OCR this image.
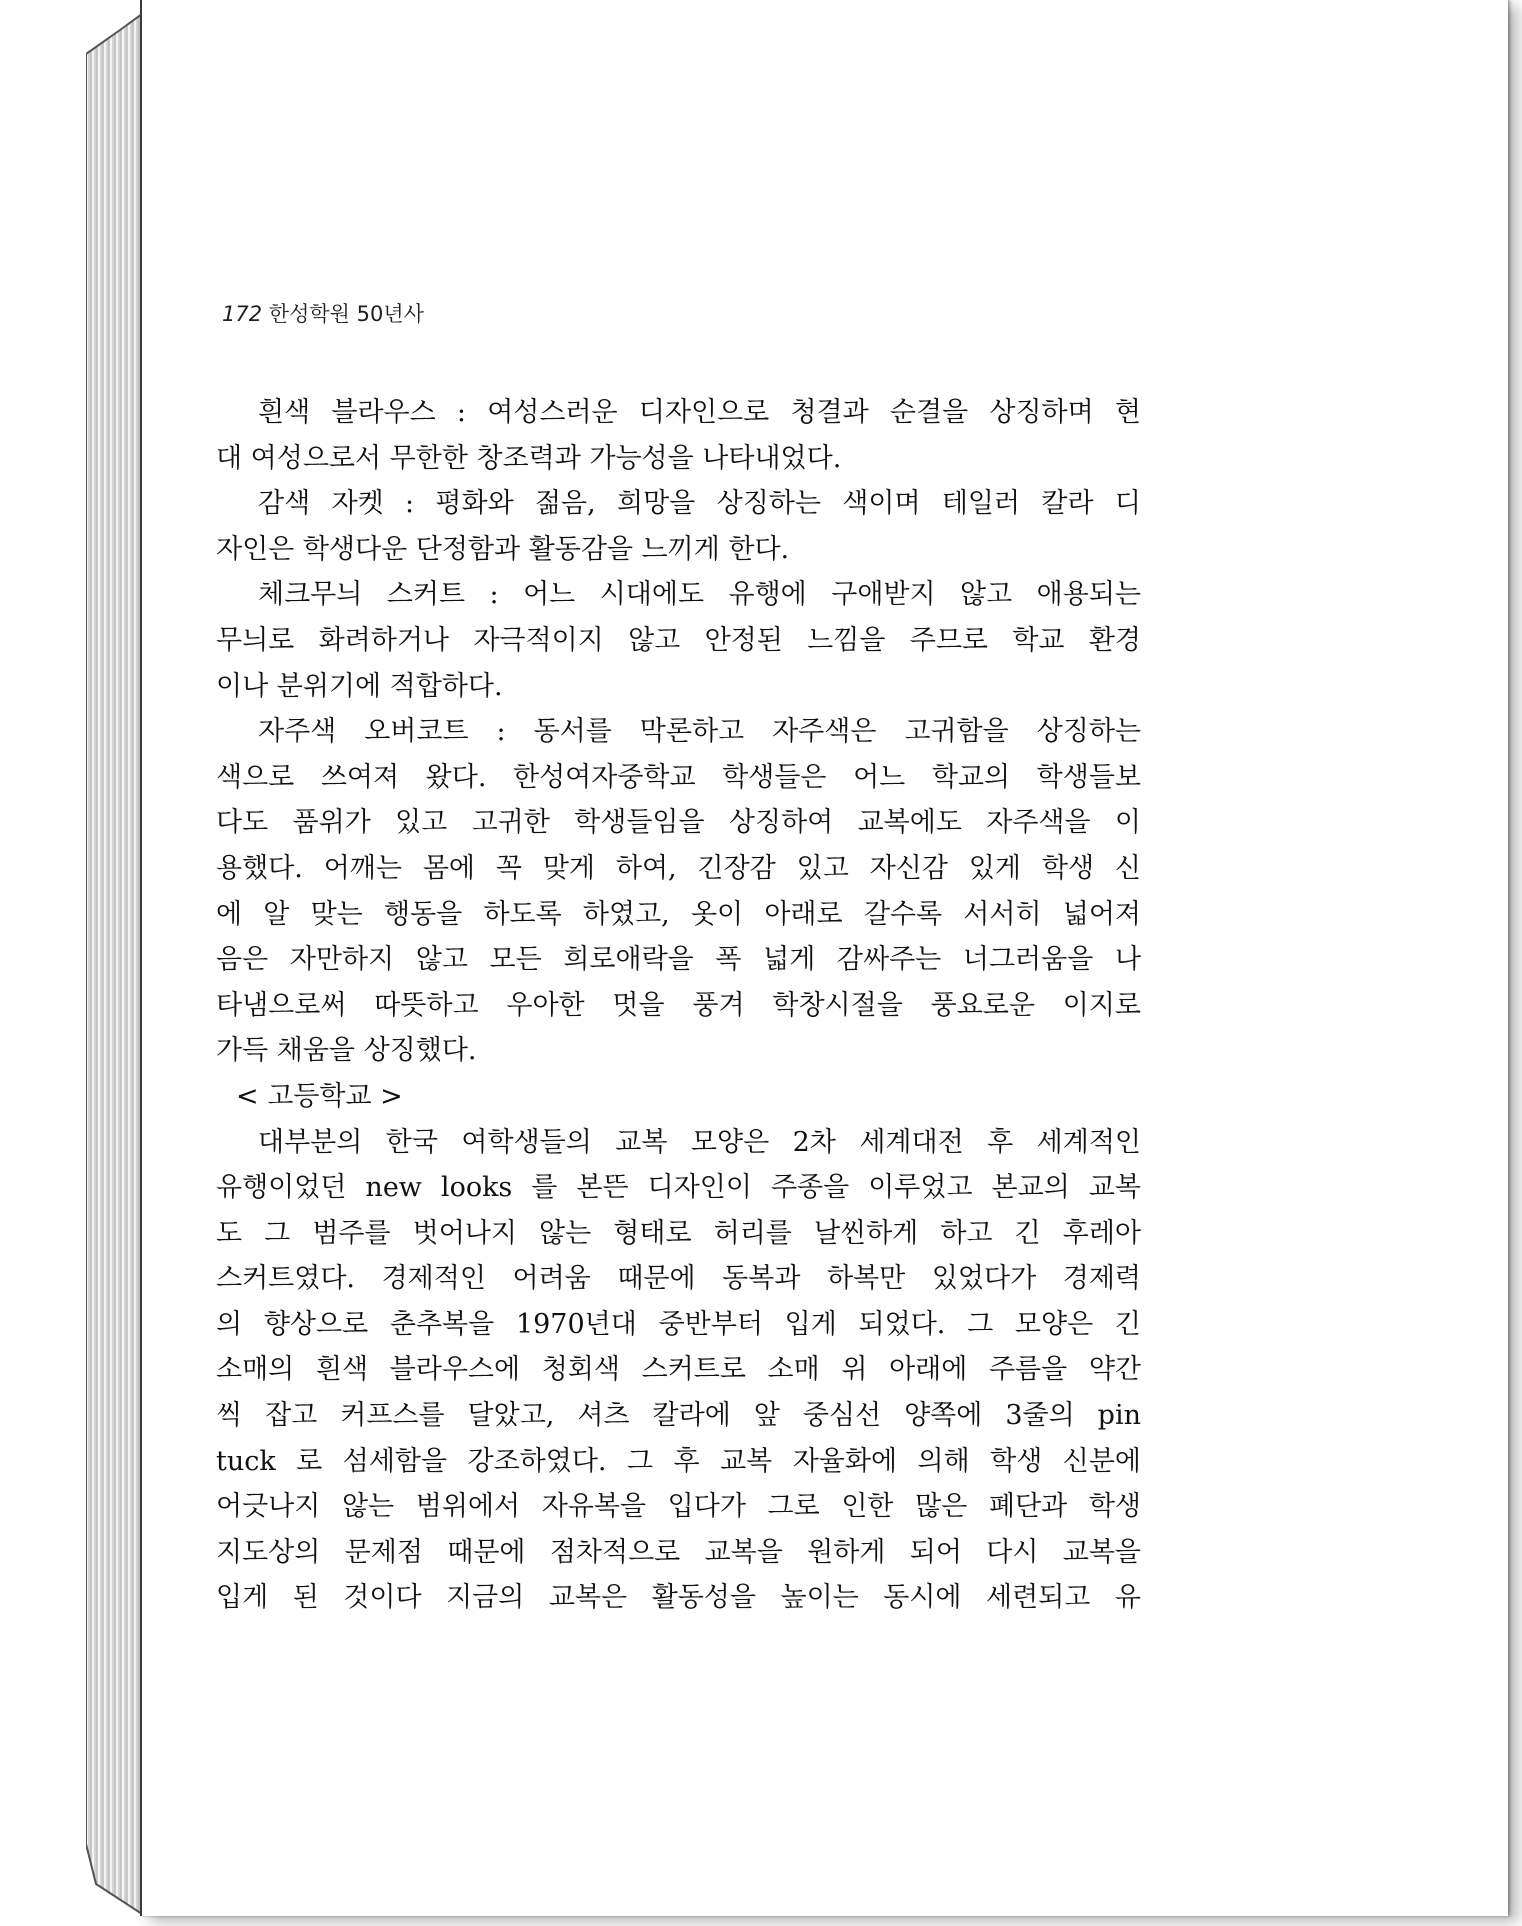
172 한성학원 50년사
흰색 블라우스 : 여성스러운 디자인으로 청결과 순결을 상징하며 현
대 여성으로서 무한한 창조력과 가능성을 나타내었다.
감색 자켓 : 평화와 젊음, 희망을 상징하는 색이며 테일러 칼라 디
자인은 학생다운 단정함과 활동감을 느끼게 한다.
체크무늬 스커트 : 어느 시대에도 유행에 구애받지 않고 애용되는
무늬로 화려하거나 자극적이지 않고 안정된 느낌을 주므로 학교 환경
이나 분위기에 적합하다.
자주색 오버코트 : 동서를 막론하고 자주색은 고귀함을 상징하는
색으로 쓰여져 왔다. 한성여자중학교 학생들은 어느 학교의 학생들보
다도 품위가 있고 고귀한 학생들임을 상징하여 교복에도 자주색을 이
용했다. 어깨는 몸에 꼭 맞게 하여, 긴장감 있고 자신감 있게 학생 신
에 알 맞는 행동을 하도록 하였고, 옷이 아래로 갈수록 서서히 넓어져
음은 자만하지 않고 모든 희로애락을 폭 넓게 감싸주는 너그러움을 나
타냄으로써 따뜻하고 우아한 멋을 풍겨 학창시절을 풍요로운 이지로
가득 채움을 상징했다.
< 고등학교 >
대부분의 한국 여학생들의 교복 모양은 2차 세계대전 후 세계적인
유행이었던 new looks 를 본뜬 디자인이 주종을 이루었고 본교의 교복
도 그 범주를 벗어나지 않는 형태로 허리를 날씬하게 하고 긴 후레아
스커트였다. 경제적인 어려움 때문에 동복과 하복만 있었다가 경제력
의 향상으로 춘추복을 1970년대 중반부터 입게 되었다. 그 모양은 긴
소매의 흰색 블라우스에 청회색 스커트로 소매 위 아래에 주름을 약간
씩 잡고 커프스를 달았고, 셔츠 칼라에 앞 중심선 양쪽에 3줄의 pin
tuck 로 섬세함을 강조하였다. 그 후 교복 자율화에 의해 학생 신분에
어긋나지 않는 범위에서 자유복을 입다가 그로 인한 많은 폐단과 학생
지도상의 문제점 때문에 점차적으로 교복을 원하게 되어 다시 교복을
입게 된 것이다 지금의 교복은 활동성을 높이는 동시에 세련되고 유
